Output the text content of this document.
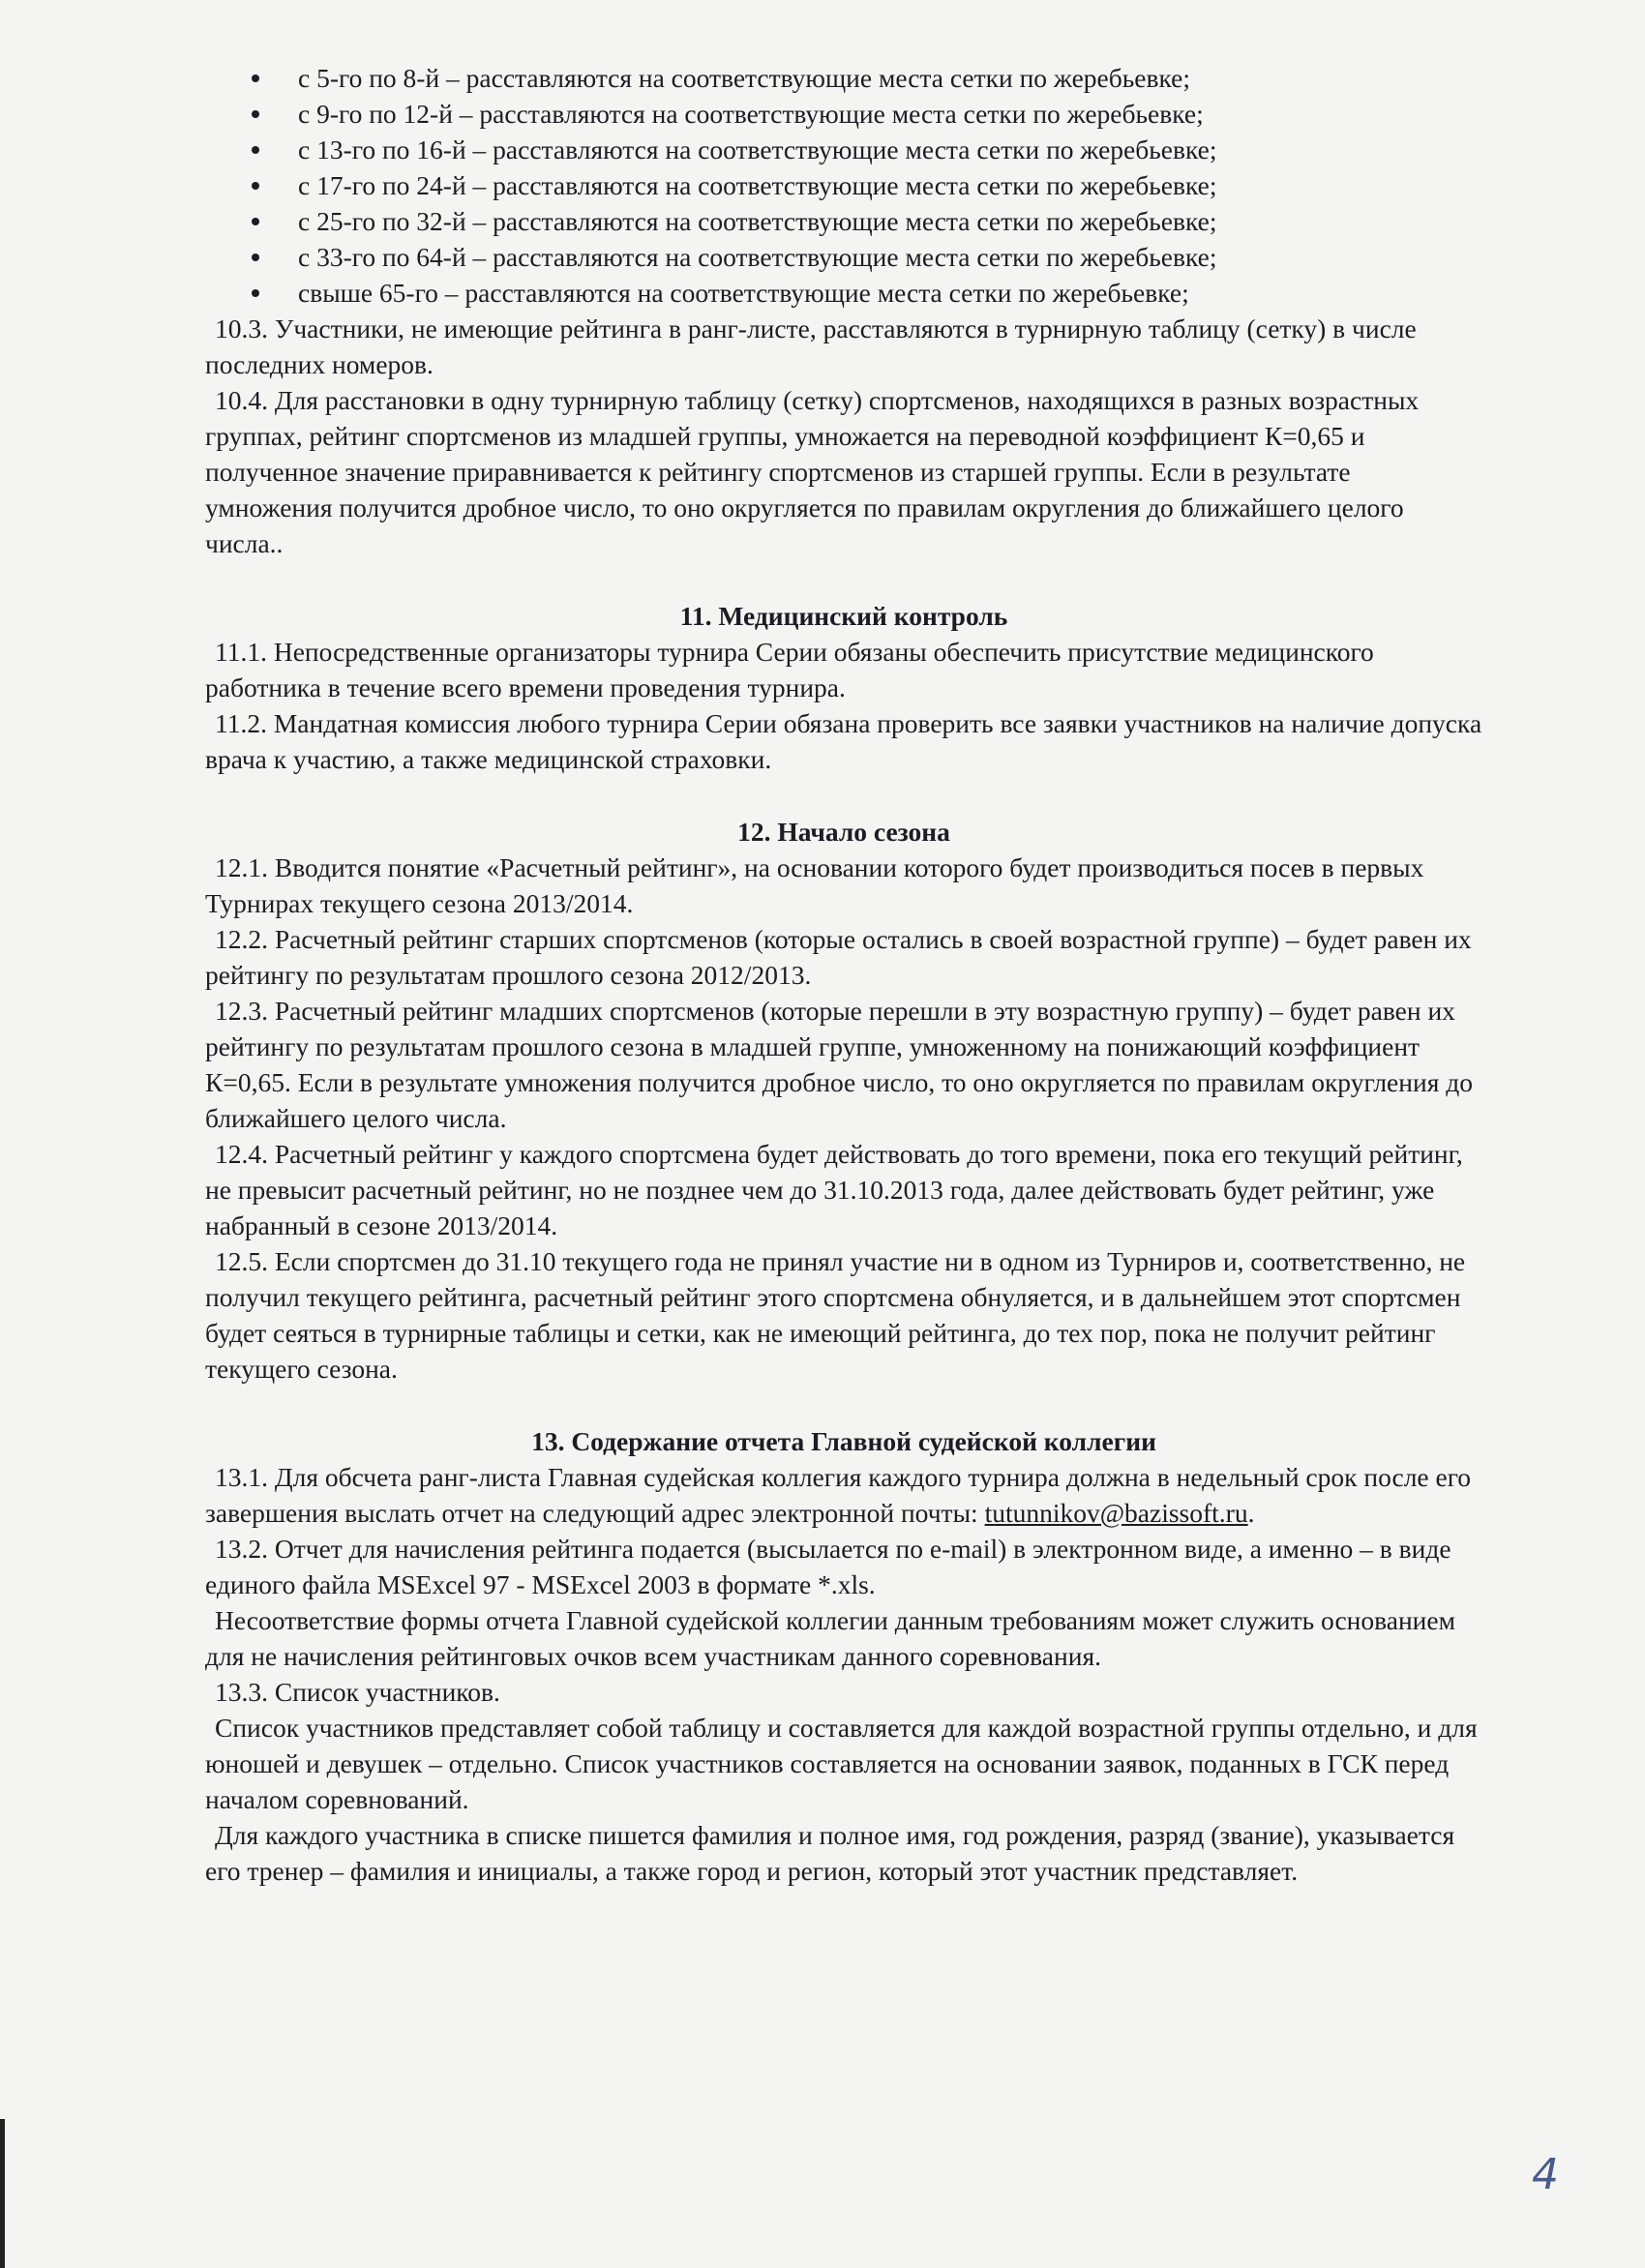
с 5-го по 8-й – расставляются на соответствующие места сетки по жеребьевке;
с 9-го по 12-й – расставляются на соответствующие места сетки по жеребьевке;
с 13-го по 16-й – расставляются на соответствующие места сетки по жеребьевке;
с 17-го по 24-й – расставляются на соответствующие места сетки по жеребьевке;
с 25-го по 32-й – расставляются на соответствующие места сетки по жеребьевке;
с 33-го по 64-й – расставляются на соответствующие места сетки по жеребьевке;
свыше 65-го – расставляются на соответствующие места сетки по жеребьевке;

10.3. Участники, не имеющие рейтинга в ранг-листе, расставляются в турнирную таблицу (сетку) в числе последних номеров.

10.4. Для расстановки в одну турнирную таблицу (сетку) спортсменов, находящихся в разных возрастных группах, рейтинг спортсменов из младшей группы, умножается на переводной коэффициент К=0,65 и полученное значение приравнивается к рейтингу спортсменов из старшей группы. Если в результате умножения получится дробное число, то оно округляется по правилам округления до ближайшего целого числа..

11. Медицинский контроль

11.1. Непосредственные организаторы турнира Серии обязаны обеспечить присутствие медицинского работника в течение всего времени проведения турнира.

11.2. Мандатная комиссия любого турнира Серии обязана проверить все заявки участников на наличие допуска врача к участию, а также медицинской страховки.

12. Начало сезона

12.1. Вводится понятие «Расчетный рейтинг», на основании которого будет производиться посев в первых Турнирах текущего сезона 2013/2014.

12.2. Расчетный рейтинг старших спортсменов (которые остались в своей возрастной группе) – будет равен их рейтингу по результатам прошлого сезона 2012/2013.

12.3. Расчетный рейтинг младших спортсменов (которые перешли в эту возрастную группу) – будет равен их рейтингу по результатам прошлого сезона в младшей группе, умноженному на понижающий коэффициент К=0,65. Если в результате умножения получится дробное число, то оно округляется по правилам округления до ближайшего целого числа.

12.4. Расчетный рейтинг у каждого спортсмена будет действовать до того времени, пока его текущий рейтинг, не превысит расчетный рейтинг, но не позднее чем до 31.10.2013 года, далее действовать будет рейтинг, уже набранный в сезоне 2013/2014.

12.5. Если спортсмен до 31.10 текущего года не принял участие ни в одном из Турниров и, соответственно, не получил текущего рейтинга, расчетный рейтинг этого спортсмена обнуляется, и в дальнейшем этот спортсмен будет сеяться в турнирные таблицы и сетки, как не имеющий рейтинга, до тех пор, пока не получит рейтинг текущего сезона.

13. Содержание отчета Главной судейской коллегии

13.1. Для обсчета ранг-листа Главная судейская коллегия каждого турнира должна в недельный срок после его завершения выслать отчет на следующий адрес электронной почты: tutunnikov@bazissoft.ru.

13.2. Отчет для начисления рейтинга подается (высылается по e-mail) в электронном виде, а именно – в виде единого файла MSExcel 97 - MSExcel 2003 в формате *.xls.

Несоответствие формы отчета Главной судейской коллегии данным требованиям может служить основанием для не начисления рейтинговых очков всем участникам данного соревнования.

13.3. Список участников.

Список участников представляет собой таблицу и составляется для каждой возрастной группы отдельно, и для юношей и девушек – отдельно. Список участников составляется на основании заявок, поданных в ГСК перед началом соревнований.

Для каждого участника в списке пишется фамилия и полное имя, год рождения, разряд (звание), указывается его тренер – фамилия и инициалы, а также город и регион, который этот участник представляет.

4
